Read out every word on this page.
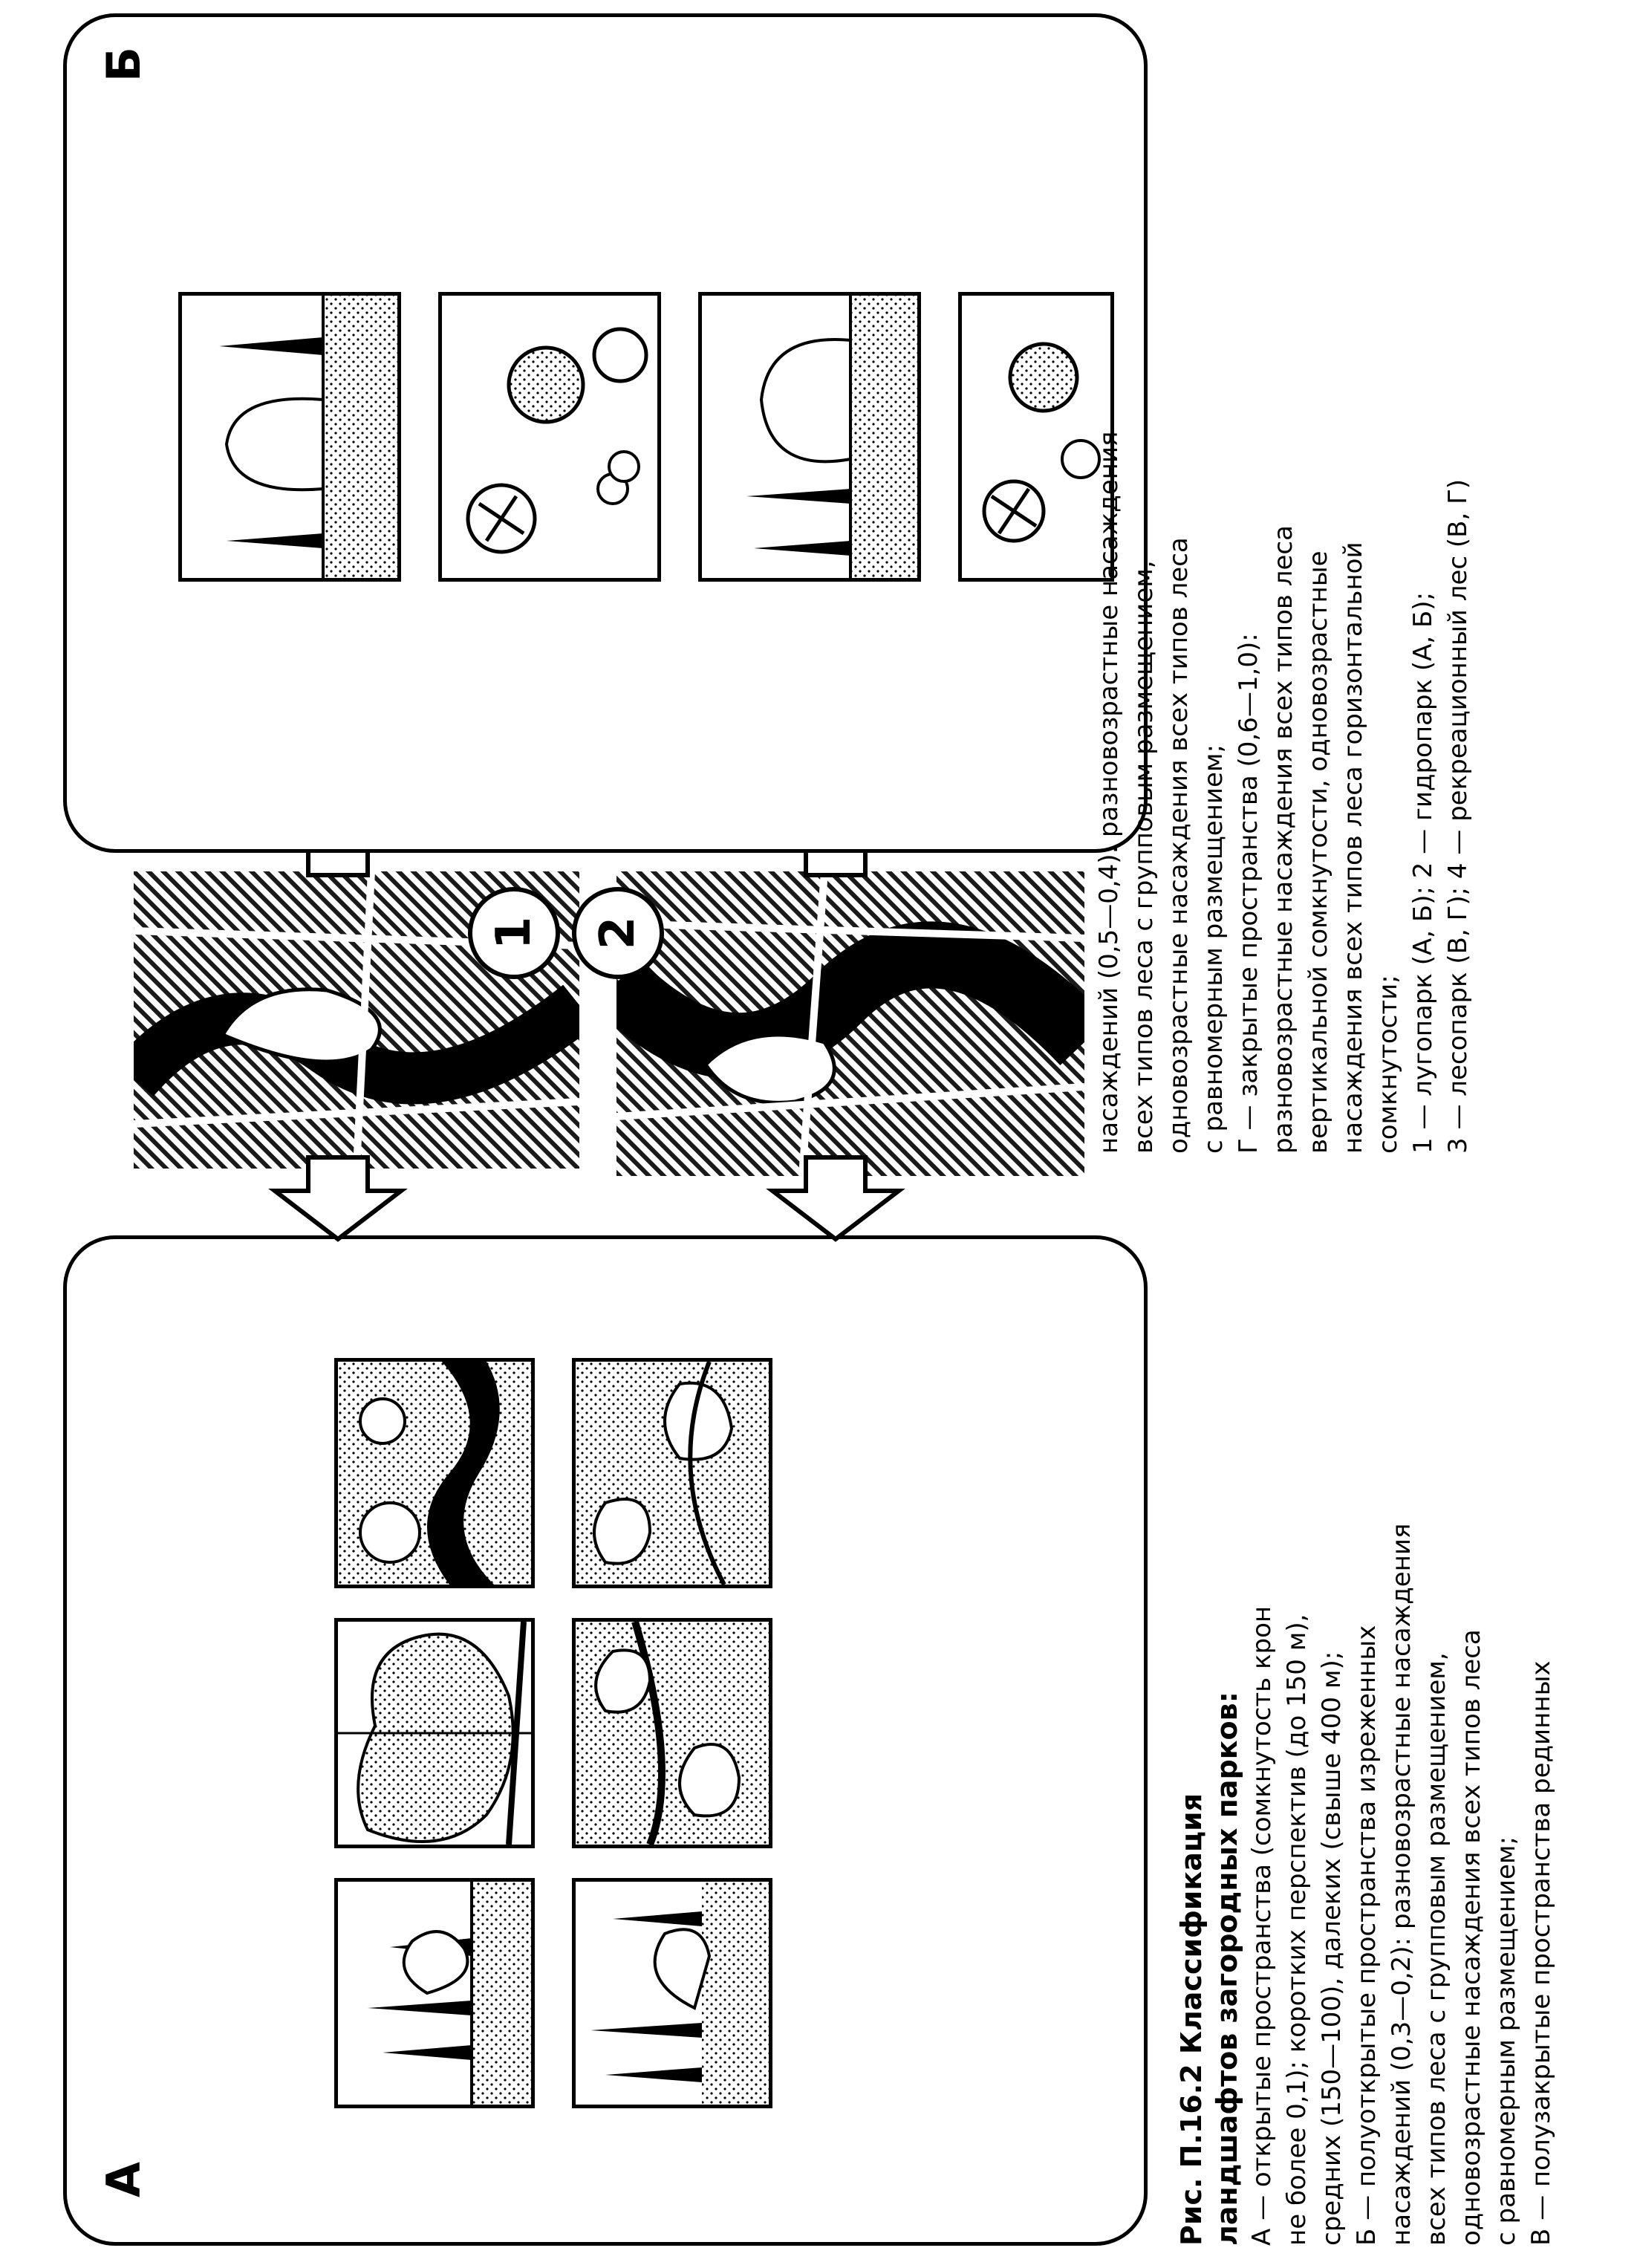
А
1	2
Б

Рис. П.16.2 Классификация ландшафтов загородных парков: А — открытые пространства (сомкнутость крон не более 0,1); коротких перспектив (до 150 м), средних (150—100), далеких (свыше 400 м); Б — полуоткрытые пространства изреженных насаждений (0,3—0,2): разновозрастные насаждения всех типов леса с групповым размещением, одновозрастные насаждения всех типов леса с равномерным размещением; В — полузакрытые пространства рединных

насаждений (0,5—0,4): разновозрастные насаждения всех типов леса с групповым размещением, одновозрастные насаждения всех типов леса с равномерным размещением; Г — закрытые пространства (0,6—1,0): разновозрастные насаждения всех типов леса вертикальной сомкнутости, одновозрастные насаждения всех типов леса горизонтальной сомкнутости; 1 — лугопарк (А, Б); 2 — гидропарк (А, Б); 3 — лесопарк (В, Г); 4 — рекреационный лес (В, Г)
